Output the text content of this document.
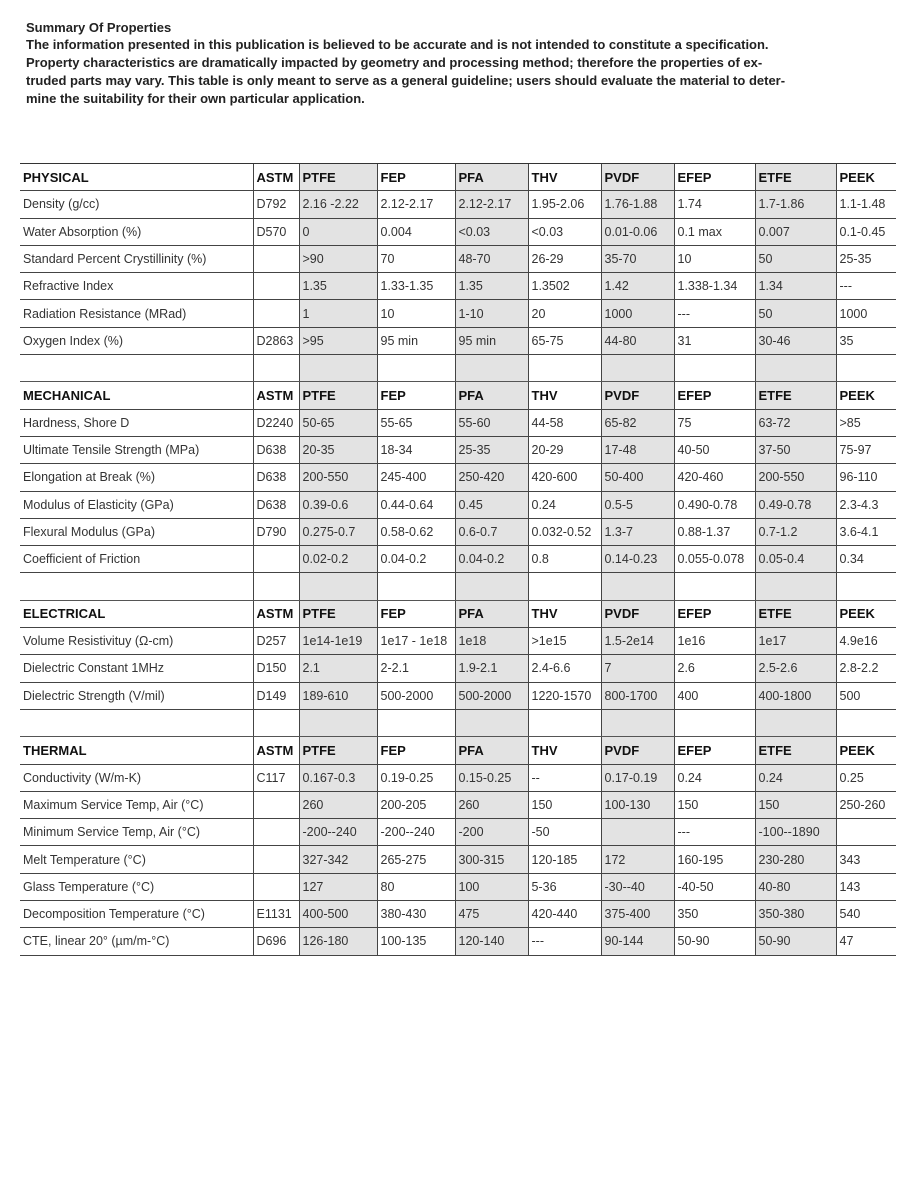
Summary Of Properties

The information presented in this publication is believed to be accurate and is not intended to constitute a specification.

Property characteristics are dramatically impacted by geometry and processing method; therefore the properties of ex-

truded parts may vary. This table is only meant to serve as a general guideline; users should evaluate the material to deter-

mine the suitability for their own particular application.

PHYSICAL	ASTM	PTFE	FEP	PFA	THV	PVDF	EFEP	ETFE	PEEK
Density (g/cc)	D792	2.16 -2.22	2.12-2.17	2.12-2.17	1.95-2.06	1.76-1.88	1.74	1.7-1.86	1.1-1.48
Water Absorption (%)	D570	0	0.004	<0.03	<0.03	0.01-0.06	0.1 max	0.007	0.1-0.45
Standard Percent Crystillinity (%)		>90	70	48-70	26-29	35-70	10	50	25-35
Refractive Index		1.35	1.33-1.35	1.35	1.3502	1.42	1.338-1.34	1.34	---
Radiation Resistance (MRad)		1	10	1-10	20	1000	---	50	1000
Oxygen Index (%)	D2863	>95	95 min	95 min	65-75	44-80	31	30-46	35

MECHANICAL	ASTM	PTFE	FEP	PFA	THV	PVDF	EFEP	ETFE	PEEK
Hardness, Shore D	D2240	50-65	55-65	55-60	44-58	65-82	75	63-72	>85
Ultimate Tensile Strength (MPa)	D638	20-35	18-34	25-35	20-29	17-48	40-50	37-50	75-97
Elongation at Break (%)	D638	200-550	245-400	250-420	420-600	50-400	420-460	200-550	96-110
Modulus of Elasticity (GPa)	D638	0.39-0.6	0.44-0.64	0.45	0.24	0.5-5	0.490-0.78	0.49-0.78	2.3-4.3
Flexural Modulus (GPa)	D790	0.275-0.7	0.58-0.62	0.6-0.7	0.032-0.52	1.3-7	0.88-1.37	0.7-1.2	3.6-4.1
Coefficient of Friction		0.02-0.2	0.04-0.2	0.04-0.2	0.8	0.14-0.23	0.055-0.078	0.05-0.4	0.34

ELECTRICAL	ASTM	PTFE	FEP	PFA	THV	PVDF	EFEP	ETFE	PEEK
Volume Resistivituy (Ω-cm)	D257	1e14-1e19	1e17 - 1e18	1e18	>1e15	1.5-2e14	1e16	1e17	4.9e16
Dielectric Constant 1MHz	D150	2.1	2-2.1	1.9-2.1	2.4-6.6	7	2.6	2.5-2.6	2.8-2.2
Dielectric Strength (V/mil)	D149	189-610	500-2000	500-2000	1220-1570	800-1700	400	400-1800	500

THERMAL	ASTM	PTFE	FEP	PFA	THV	PVDF	EFEP	ETFE	PEEK
Conductivity (W/m-K)	C117	0.167-0.3	0.19-0.25	0.15-0.25	--	0.17-0.19	0.24	0.24	0.25
Maximum Service Temp, Air (°C)		260	200-205	260	150	100-130	150	150	250-260
Minimum Service Temp, Air (°C)		-200--240	-200--240	-200	-50		---	-100--1890	
Melt Temperature (°C)		327-342	265-275	300-315	120-185	172	160-195	230-280	343
Glass Temperature (°C)		127	80	100	5-36	-30--40	-40-50	40-80	143
Decomposition Temperature (°C)	E1131	400-500	380-430	475	420-440	375-400	350	350-380	540
CTE, linear 20° (µm/m-°C)	D696	126-180	100-135	120-140	---	90-144	50-90	50-90	47
